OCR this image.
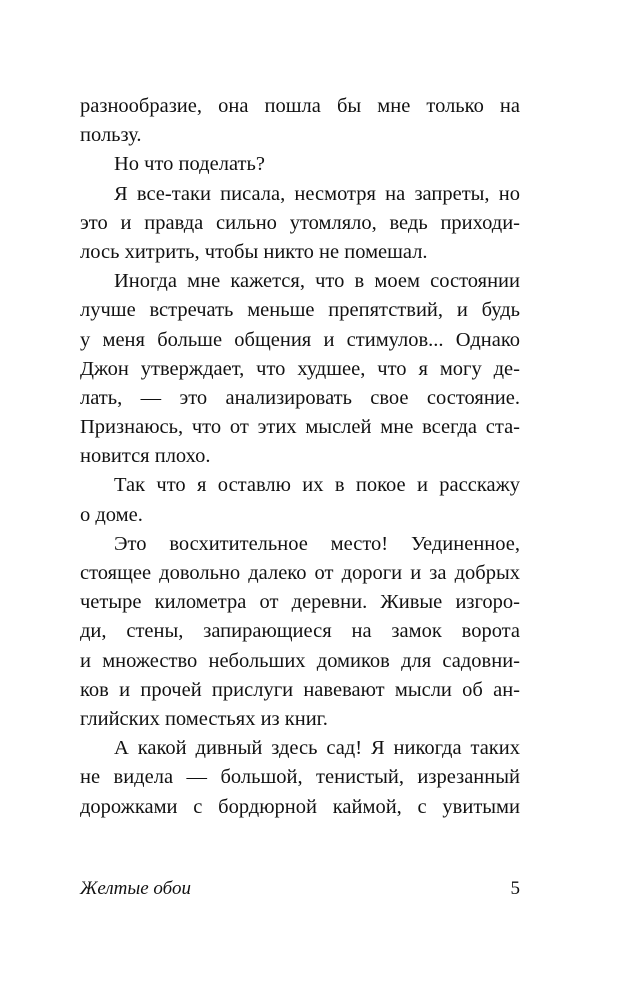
разнообразие, она пошла бы мне только на
пользу.
Но что поделать?
Я все-таки писала, несмотря на запреты, но
это и правда сильно утомляло, ведь приходи-
лось хитрить, чтобы никто не помешал.
Иногда мне кажется, что в моем состоянии
лучше встречать меньше препятствий, и будь
у меня больше общения и стимулов... Однако
Джон утверждает, что худшее, что я могу де-
лать, — это анализировать свое состояние.
Признаюсь, что от этих мыслей мне всегда ста-
новится плохо.
Так что я оставлю их в покое и расскажу
о доме.
Это восхитительное место! Уединенное,
стоящее довольно далеко от дороги и за добрых
четыре километра от деревни. Живые изгоро-
ди, стены, запирающиеся на замок ворота
и множество небольших домиков для садовни-
ков и прочей прислуги навевают мысли об ан-
глийских поместьях из книг.
А какой дивный здесь сад! Я никогда таких
не видела — большой, тенистый, изрезанный
дорожками с бордюрной каймой, с увитыми
Желтые обои	5
